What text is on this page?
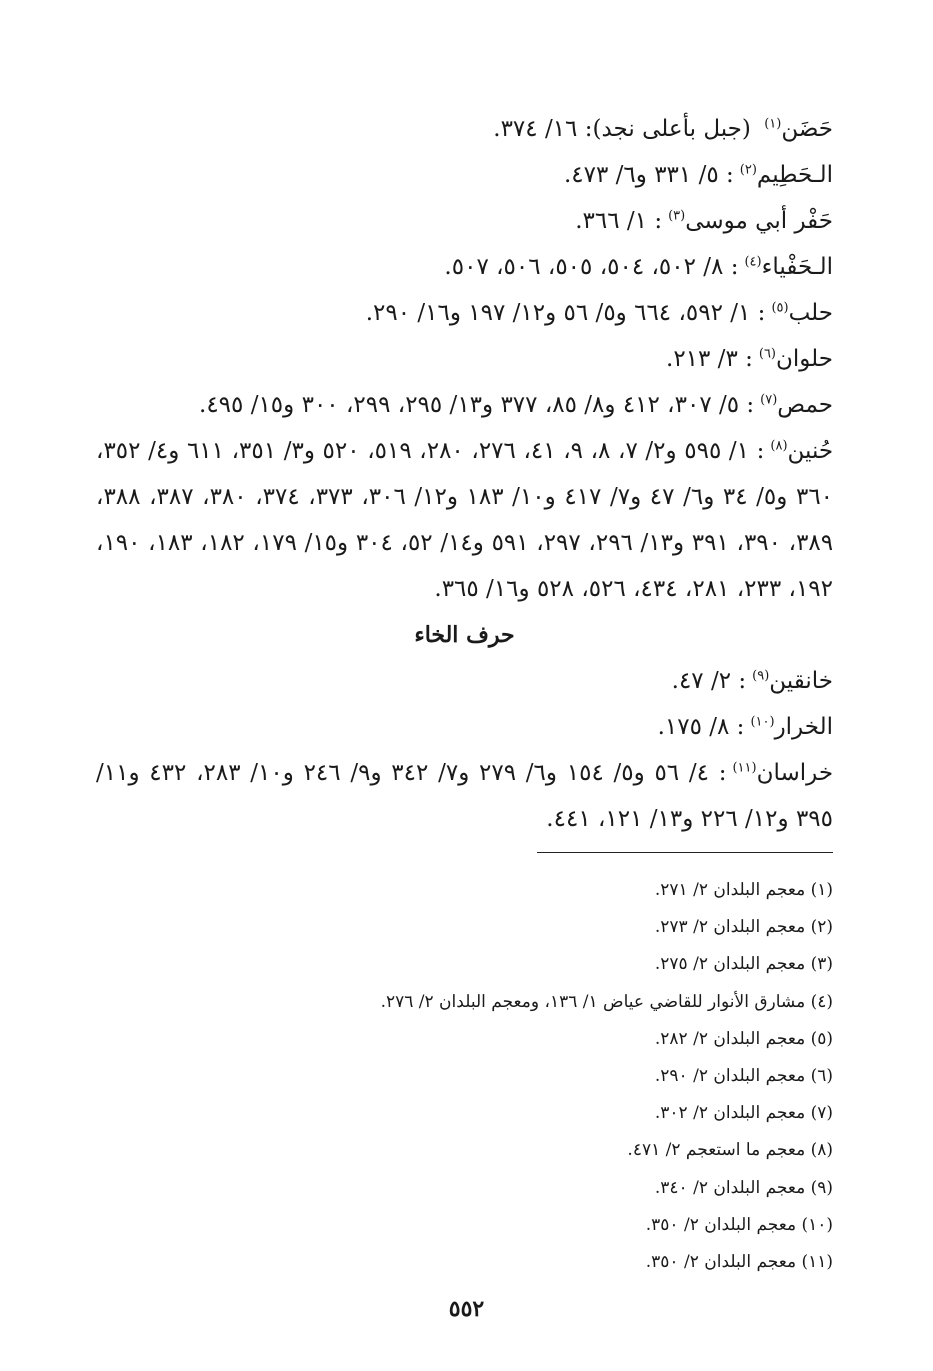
حَضَن$^{(١)}$ (جبل بأعلى نجد): ١٦/ ٣٧٤.

الـحَطِيم$^{(٢)}$: ٥/ ٣٣١ و٦/ ٤٧٣.

حَفْر أبي موسى$^{(٣)}$: ١/ ٣٦٦.

الـحَفْياء$^{(٤)}$: ٨/ ٥٠٢، ٥٠٤، ٥٠٥، ٥٠٦، ٥٠٧.

حلب$^{(٥)}$: ١/ ٥٩٢، ٦٦٤ و٥/ ٥٦ و١٢/ ١٩٧ و١٦/ ٢٩٠.

حلوان$^{(٦)}$: ٣/ ٢١٣.

حمص$^{(٧)}$: ٥/ ٣٠٧، ٤١٢ و٨/ ٨٥، ٣٧٧ و١٣/ ٢٩٥، ٢٩٩، ٣٠٠ و١٥/ ٤٩٥.

حُنين$^{(٨)}$: ١/ ٥٩٥ و٢/ ٧، ٨، ٩، ٤١، ٢٧٦، ٢٨٠، ٥١٩، ٥٢٠ و٣/ ٣٥١، ٦١١ و٤/ ٣٥٢، ٣٦٠ و٥/ ٣٤ و٦/ ٤٧ و٧/ ٤١٧ و١٠/ ١٨٣ و١٢/ ٣٠٦، ٣٧٣، ٣٧٤، ٣٨٠، ٣٨٧، ٣٨٨، ٣٨٩، ٣٩٠، ٣٩١ و١٣/ ٢٩٦، ٢٩٧، ٥٩١ و١٤/ ٥٢، ٣٠٤ و١٥/ ١٧٩، ١٨٢، ١٨٣، ١٩٠، ١٩٢، ٢٣٣، ٢٨١، ٤٣٤، ٥٢٦، ٥٢٨ و١٦/ ٣٦٥.

حرف الخاء

خانقين$^{(٩)}$: ٢/ ٤٧.

الخرار$^{(١٠)}$: ٨/ ١٧٥.

خراسان$^{(١١)}$: ٤/ ٥٦ و٥/ ١٥٤ و٦/ ٢٧٩ و٧/ ٣٤٢ و٩/ ٢٤٦ و١٠/ ٢٨٣، ٤٣٢ و١١/ ٣٩٥ و١٢/ ٢٢٦ و١٣/ ١٢١، ٤٤١.

(١) معجم البلدان ٢/ ٢٧١.

(٢) معجم البلدان ٢/ ٢٧٣.

(٣) معجم البلدان ٢/ ٢٧٥.

(٤) مشارق الأنوار للقاضي عياض ١/ ١٣٦، ومعجم البلدان ٢/ ٢٧٦.

(٥) معجم البلدان ٢/ ٢٨٢.

(٦) معجم البلدان ٢/ ٢٩٠.

(٧) معجم البلدان ٢/ ٣٠٢.

(٨) معجم ما استعجم ٢/ ٤٧١.

(٩) معجم البلدان ٢/ ٣٤٠.

(١٠) معجم البلدان ٢/ ٣٥٠.

(١١) معجم البلدان ٢/ ٣٥٠.

٥٥٢
